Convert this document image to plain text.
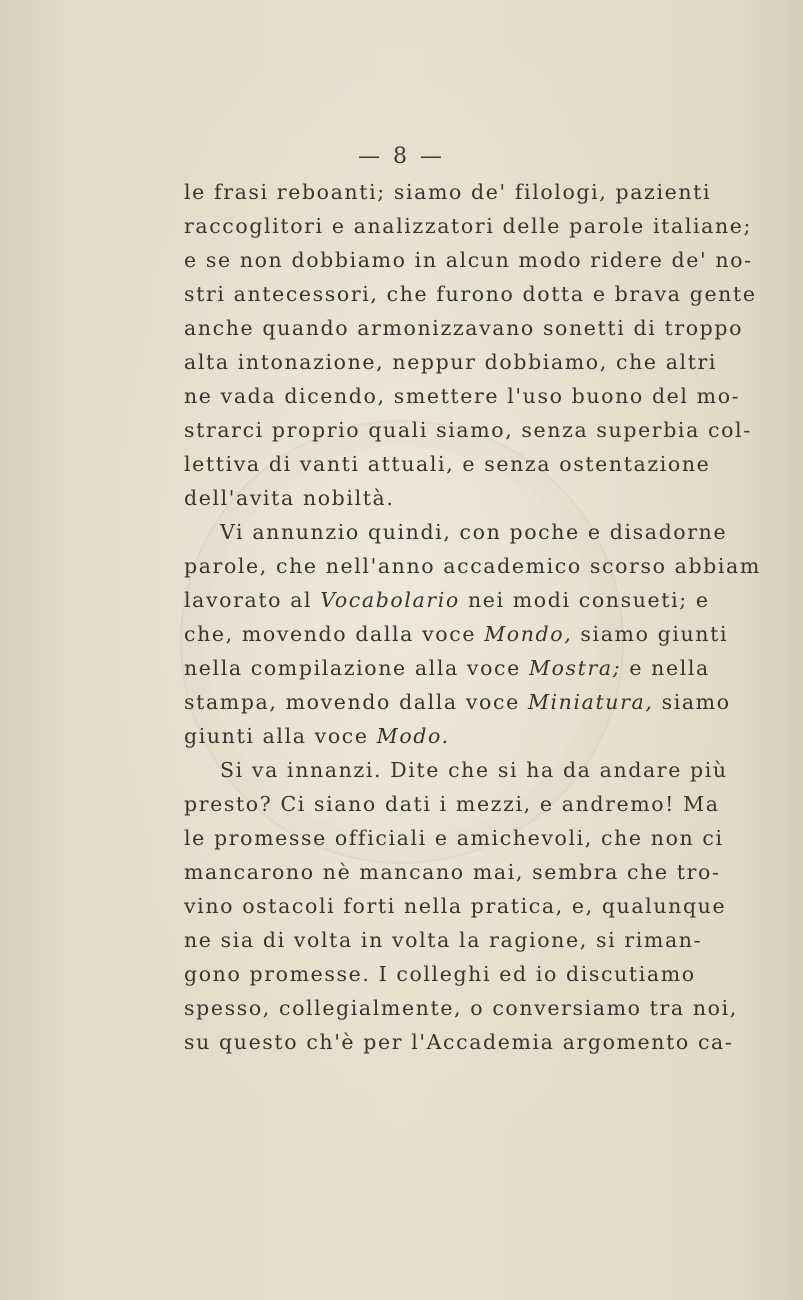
— 8 —
le frasi reboanti; siamo de' filologi, pazienti
raccoglitori e analizzatori delle parole italiane;
e se non dobbiamo in alcun modo ridere de' no-
stri antecessori, che furono dotta e brava gente
anche quando armonizzavano sonetti di troppo
alta intonazione, neppur dobbiamo, che altri
ne vada dicendo, smettere l'uso buono del mo-
strarci proprio quali siamo, senza superbia col-
lettiva di vanti attuali, e senza ostentazione
dell'avita nobiltà.
Vi annunzio quindi, con poche e disadorne
parole, che nell'anno accademico scorso abbiam
lavorato al Vocabolario nei modi consueti; e
che, movendo dalla voce Mondo, siamo giunti
nella compilazione alla voce Mostra; e nella
stampa, movendo dalla voce Miniatura, siamo
giunti alla voce Modo.
Si va innanzi. Dite che si ha da andare più
presto? Ci siano dati i mezzi, e andremo! Ma
le promesse officiali e amichevoli, che non ci
mancarono nè mancano mai, sembra che tro-
vino ostacoli forti nella pratica, e, qualunque
ne sia di volta in volta la ragione, si riman-
gono promesse. I colleghi ed io discutiamo
spesso, collegialmente, o conversiamo tra noi,
su questo ch'è per l'Accademia argomento ca-
